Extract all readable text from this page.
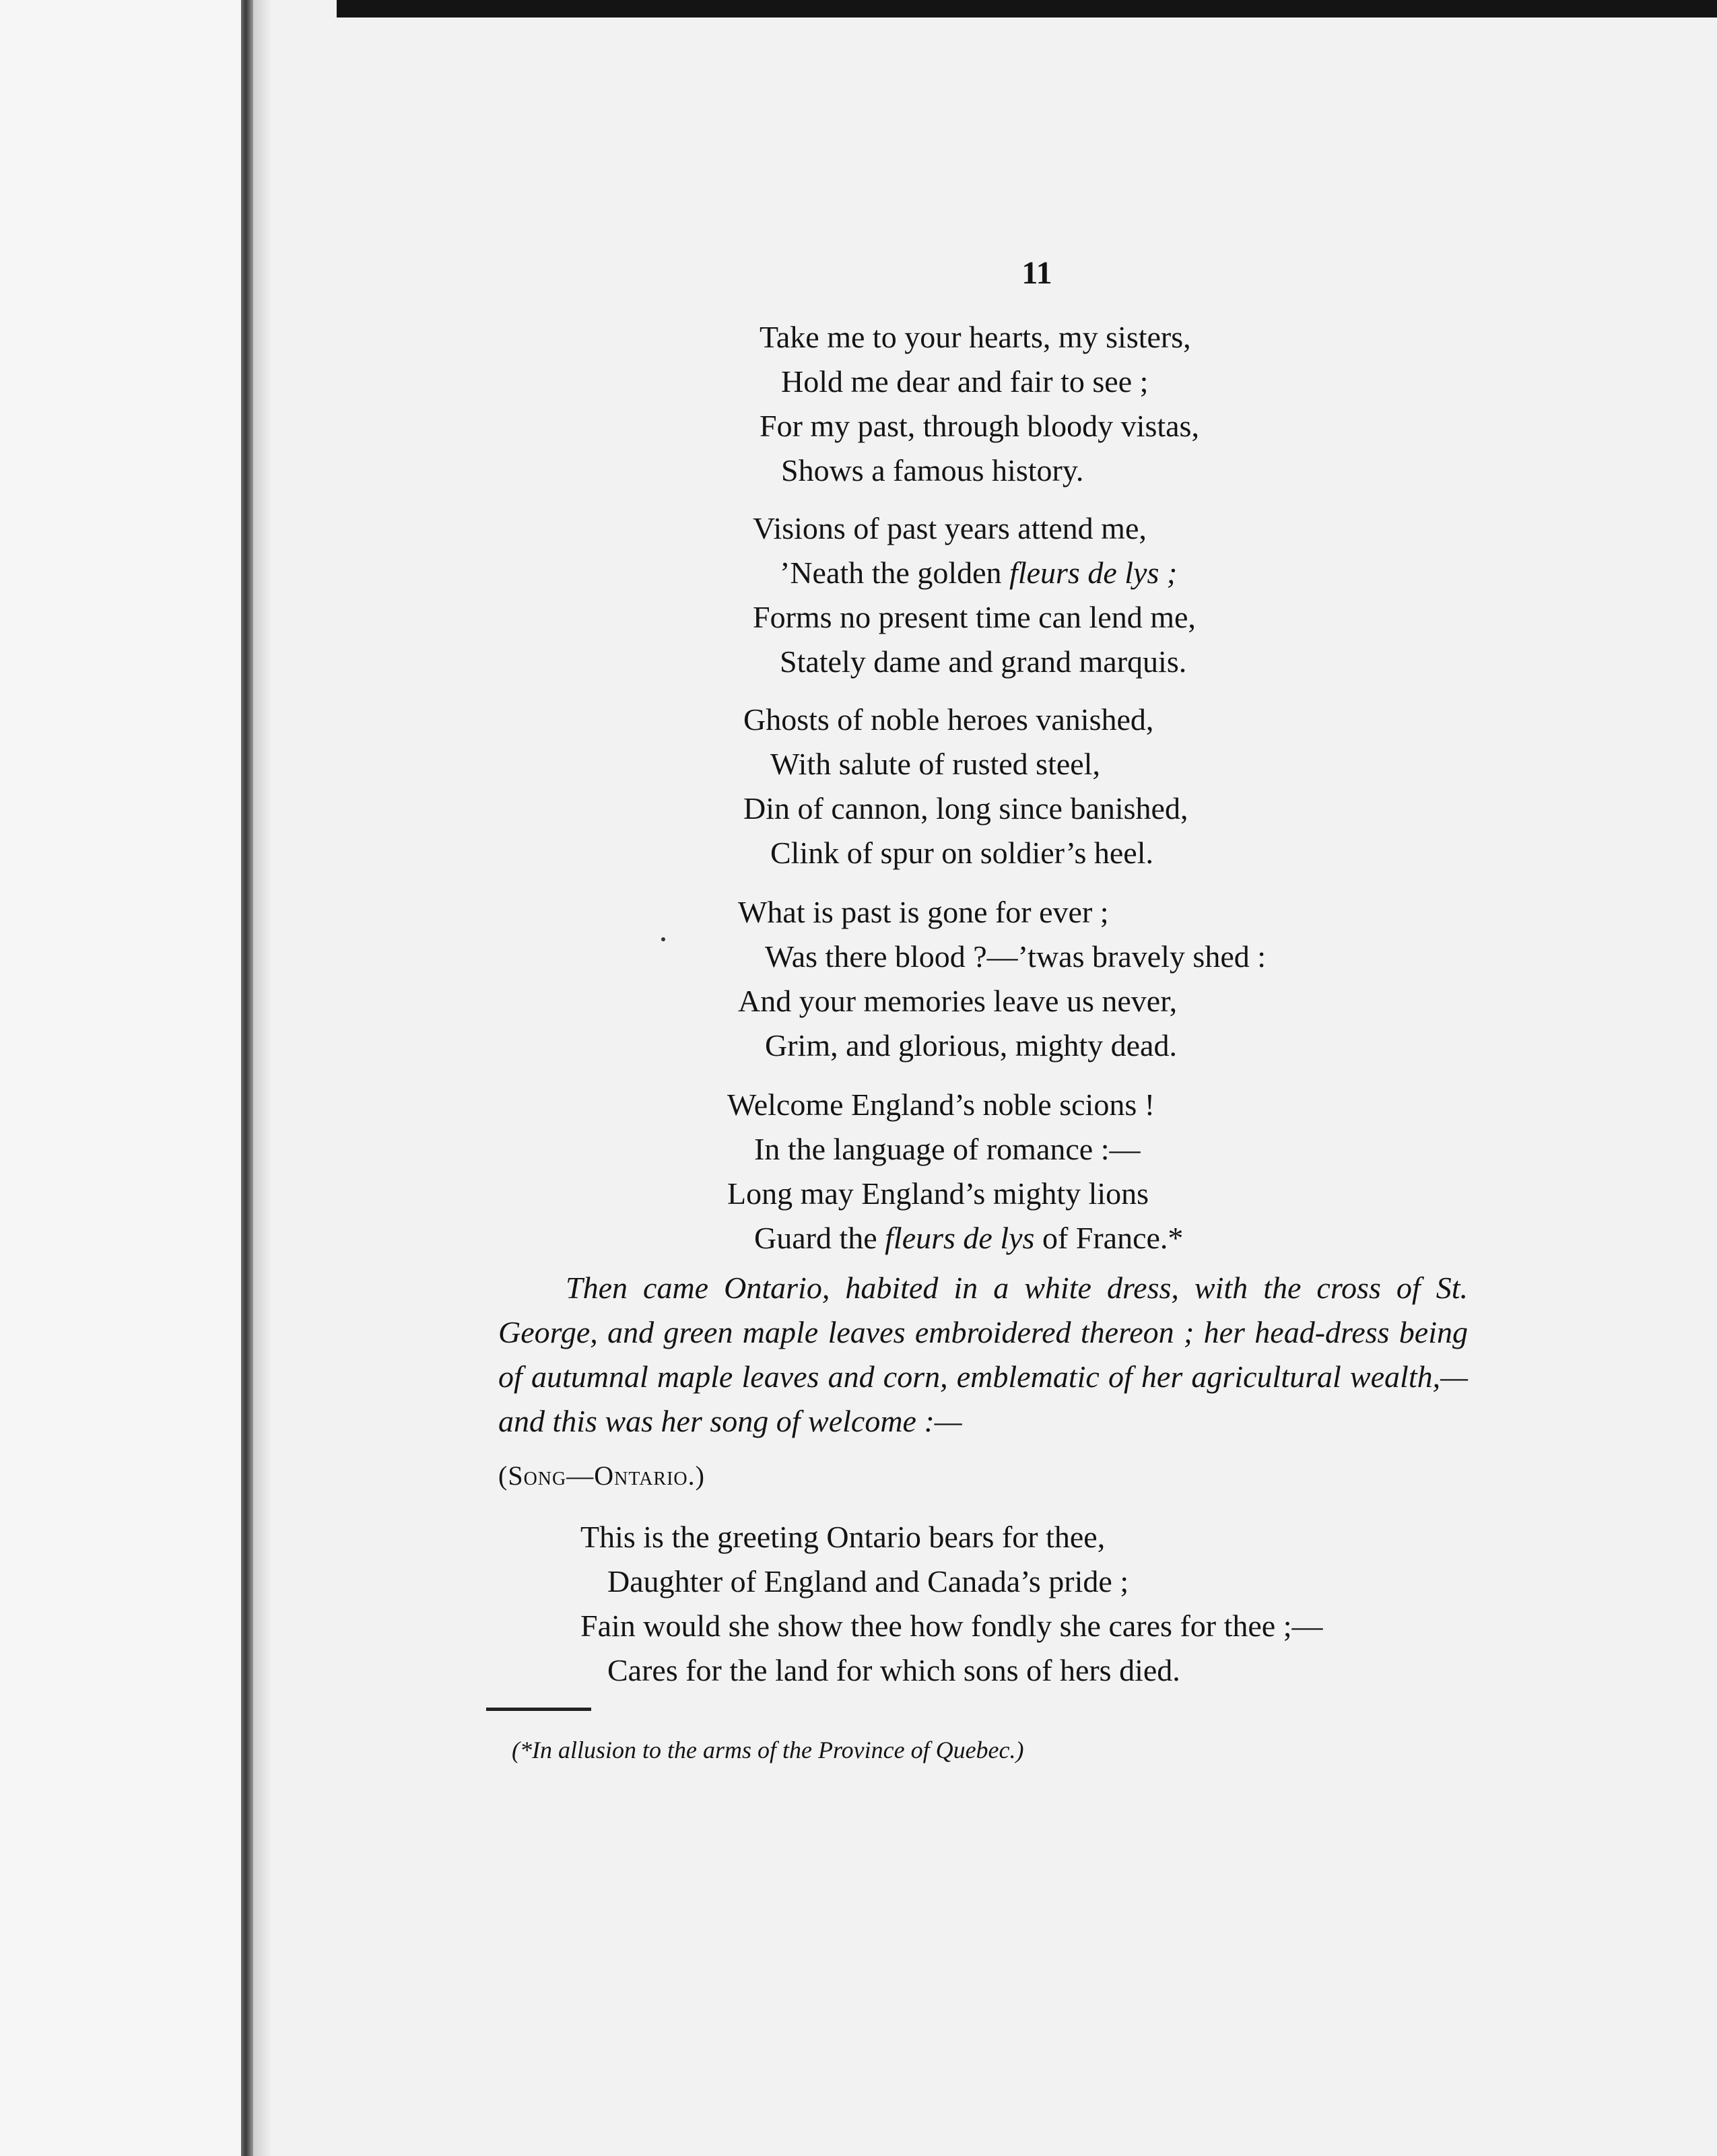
11
Take me to your hearts, my sisters,
Hold me dear and fair to see ;
For my past, through bloody vistas,
Shows a famous history.
Visions of past years attend me,
’Neath the golden fleurs de lys ;
Forms no present time can lend me,
Stately dame and grand marquis.
Ghosts of noble heroes vanished,
With salute of rusted steel,
Din of cannon, long since banished,
Clink of spur on soldier’s heel.
What is past is gone for ever ;
Was there blood ?—’twas bravely shed :
And your memories leave us never,
Grim, and glorious, mighty dead.
Welcome England’s noble scions !
In the language of romance :—
Long may England’s mighty lions
Guard the fleurs de lys of France.*
Then came Ontario, habited in a white dress, with the cross of St. George, and green maple leaves embroidered thereon ; her head-dress being of autumnal maple leaves and corn, emblematic of her agricultural wealth,—and this was her song of welcome :—
(Song—Ontario.)
This is the greeting Ontario bears for thee,
Daughter of England and Canada’s pride ;
Fain would she show thee how fondly she cares for thee ;—
Cares for the land for which sons of hers died.
(*In allusion to the arms of the Province of Quebec.)
